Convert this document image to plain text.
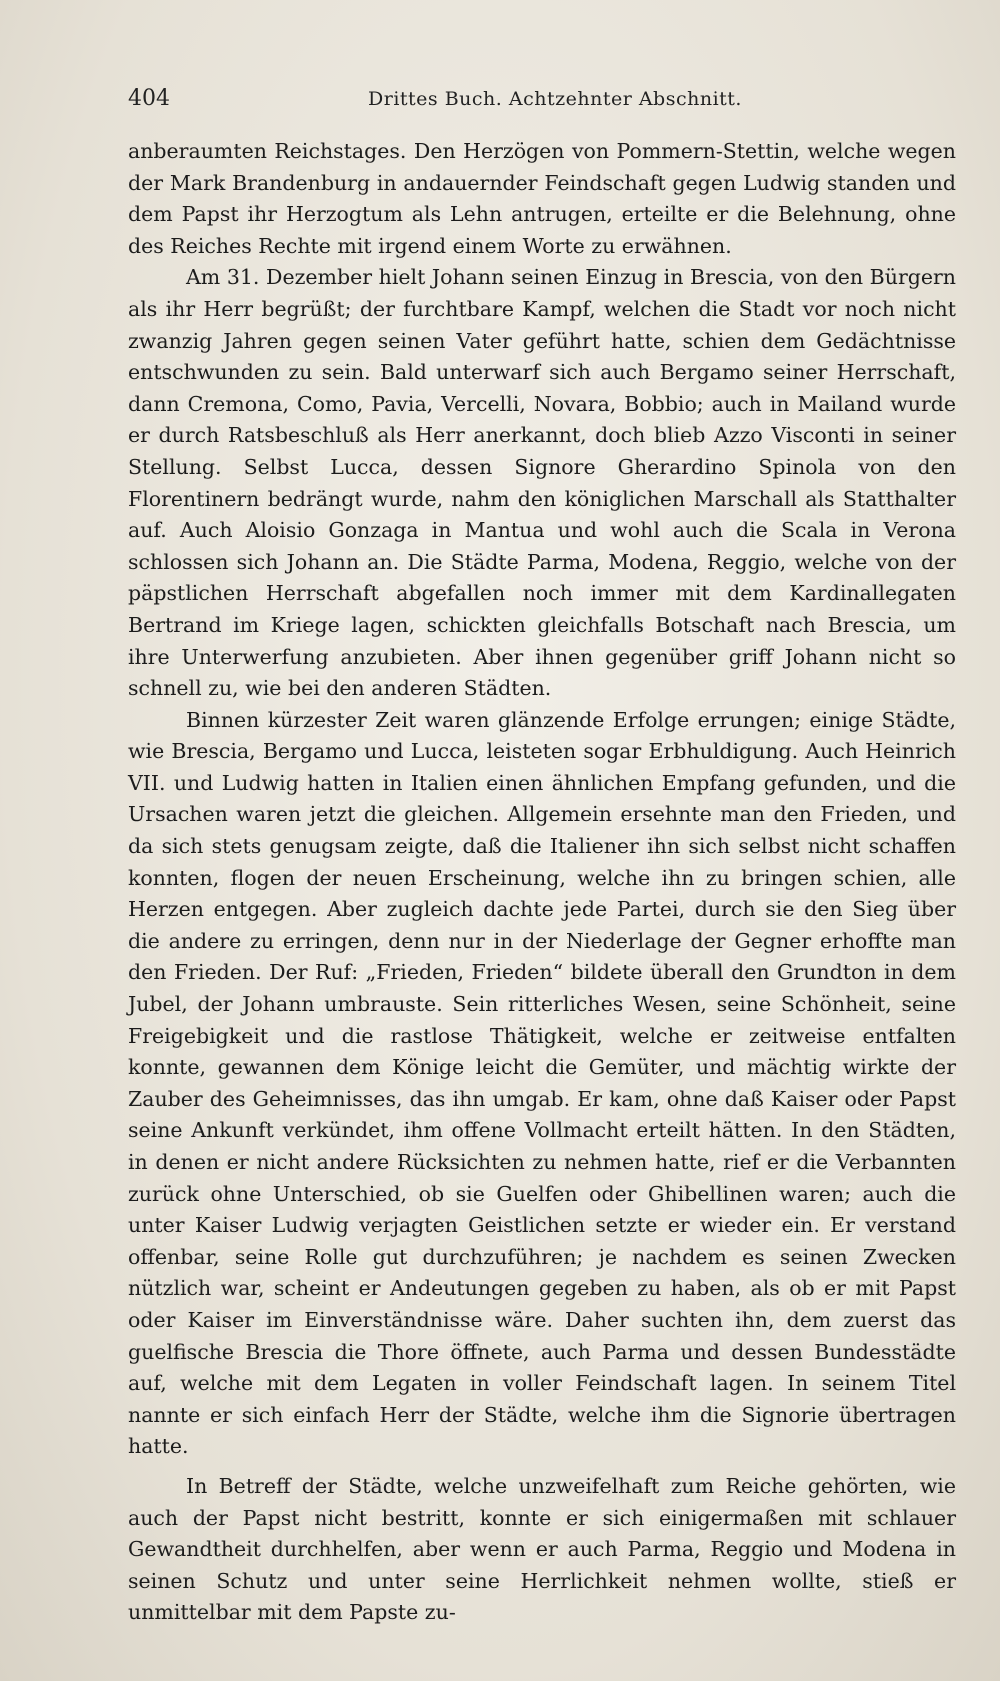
404	Drittes Buch. Achtzehnter Abschnitt.

anberaumten Reichstages. Den Herzögen von Pommern-Stettin, welche wegen der Mark Brandenburg in andauernder Feindschaft gegen Ludwig standen und dem Papst ihr Herzogtum als Lehn antrugen, erteilte er die Belehnung, ohne des Reiches Rechte mit irgend einem Worte zu erwähnen.

Am 31. Dezember hielt Johann seinen Einzug in Brescia, von den Bürgern als ihr Herr begrüßt; der furchtbare Kampf, welchen die Stadt vor noch nicht zwanzig Jahren gegen seinen Vater geführt hatte, schien dem Gedächtnisse entschwunden zu sein. Bald unterwarf sich auch Bergamo seiner Herrschaft, dann Cremona, Como, Pavia, Vercelli, Novara, Bobbio; auch in Mailand wurde er durch Ratsbeschluß als Herr anerkannt, doch blieb Azzo Visconti in seiner Stellung. Selbst Lucca, dessen Signore Gherardino Spinola von den Florentinern bedrängt wurde, nahm den königlichen Marschall als Statthalter auf. Auch Aloisio Gonzaga in Mantua und wohl auch die Scala in Verona schlossen sich Johann an. Die Städte Parma, Modena, Reggio, welche von der päpstlichen Herrschaft abgefallen noch immer mit dem Kardinallegaten Bertrand im Kriege lagen, schickten gleichfalls Botschaft nach Brescia, um ihre Unterwerfung anzubieten. Aber ihnen gegenüber griff Johann nicht so schnell zu, wie bei den anderen Städten.

Binnen kürzester Zeit waren glänzende Erfolge errungen; einige Städte, wie Brescia, Bergamo und Lucca, leisteten sogar Erbhuldigung. Auch Heinrich VII. und Ludwig hatten in Italien einen ähnlichen Empfang gefunden, und die Ursachen waren jetzt die gleichen. Allgemein ersehnte man den Frieden, und da sich stets genugsam zeigte, daß die Italiener ihn sich selbst nicht schaffen konnten, flogen der neuen Erscheinung, welche ihn zu bringen schien, alle Herzen entgegen. Aber zugleich dachte jede Partei, durch sie den Sieg über die andere zu erringen, denn nur in der Niederlage der Gegner erhoffte man den Frieden. Der Ruf: „Frieden, Frieden“ bildete überall den Grundton in dem Jubel, der Johann umbrauste. Sein ritterliches Wesen, seine Schönheit, seine Freigebigkeit und die rastlose Thätigkeit, welche er zeitweise entfalten konnte, gewannen dem Könige leicht die Gemüter, und mächtig wirkte der Zauber des Geheimnisses, das ihn umgab. Er kam, ohne daß Kaiser oder Papst seine Ankunft verkündet, ihm offene Vollmacht erteilt hätten. In den Städten, in denen er nicht andere Rücksichten zu nehmen hatte, rief er die Verbannten zurück ohne Unterschied, ob sie Guelfen oder Ghibellinen waren; auch die unter Kaiser Ludwig verjagten Geistlichen setzte er wieder ein. Er verstand offenbar, seine Rolle gut durchzuführen; je nachdem es seinen Zwecken nützlich war, scheint er Andeutungen gegeben zu haben, als ob er mit Papst oder Kaiser im Einverständnisse wäre. Daher suchten ihn, dem zuerst das guelfische Brescia die Thore öffnete, auch Parma und dessen Bundesstädte auf, welche mit dem Legaten in voller Feindschaft lagen. In seinem Titel nannte er sich einfach Herr der Städte, welche ihm die Signorie übertragen hatte.

In Betreff der Städte, welche unzweifelhaft zum Reiche gehörten, wie auch der Papst nicht bestritt, konnte er sich einigermaßen mit schlauer Gewandtheit durchhelfen, aber wenn er auch Parma, Reggio und Modena in seinen Schutz und unter seine Herrlichkeit nehmen wollte, stieß er unmittelbar mit dem Papste zu-
